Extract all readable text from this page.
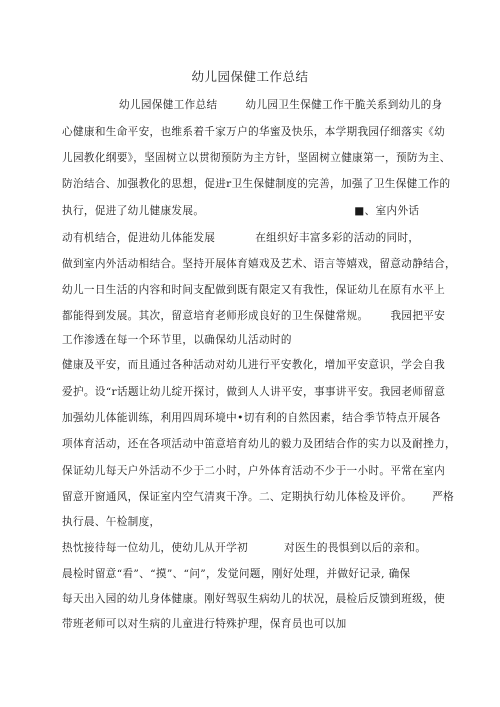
幼儿园保健工作总结
幼儿园保健工作总结	幼儿园卫生保健工作干脆关系到幼儿的身
心健康和生命平安，也维系着千家万户的华蜜及快乐，本学期我园仔细落实《幼
儿园教化纲要》，坚固树立以贯彻预防为主方针，坚固树立健康第一，预防为主、
防治结合、加强教化的思想，促进r卫生保健制度的完善，加强了卫生保健工作的
执行，促进了幼儿健康发展。	■、室内外话
动有机结合，促进幼儿体能发展	在组织好丰富多彩的活动的同时，
做到室内外活动相结合。坚持开展体育嬉戏及艺术、语言等嬉戏，留意动静结合，
幼儿一日生活的内容和时间支配做到既有限定又有我性，保证幼儿在原有水平上
都能得到发展。其次，留意培育老师形成良好的卫生保健常规。 我园把平安
工作渗透在每一个环节里，以确保幼儿活动时的
健康及平安，而且通过各种活动对幼儿进行平安教化，增加平安意识，学会自我
爱护。设“r话题让幼儿绽开探讨，做到人人讲平安，事事讲平安。我园老师留意
加强幼儿体能训练，利用四周环境中•切有利的自然因素，结合季节特点开展各
项体育活动，还在各项活动中笛意培育幼儿的毅力及团结合作的实力以及耐挫力，
保证幼儿每天户外活动不少于二小时，户外体育活动不少于一小时。平常在室内
留意开窗通风，保证室内空气清爽干净。二、定期执行幼儿体检及评价。 严格
执行晨、午检制度，
热忱接待每一位幼儿，使幼儿从开学初	对医生的畏惧到以后的亲和。
晨检时留意“看”、“摸”、“问”，发觉问题，刚好处理，并做好记录, 确保
每天出入园的幼儿身体健康。刚好驾驭生病幼儿的状况，晨检后反馈到班级，使
带班老师可以对生病的儿童进行特殊护理，保育员也可以加
